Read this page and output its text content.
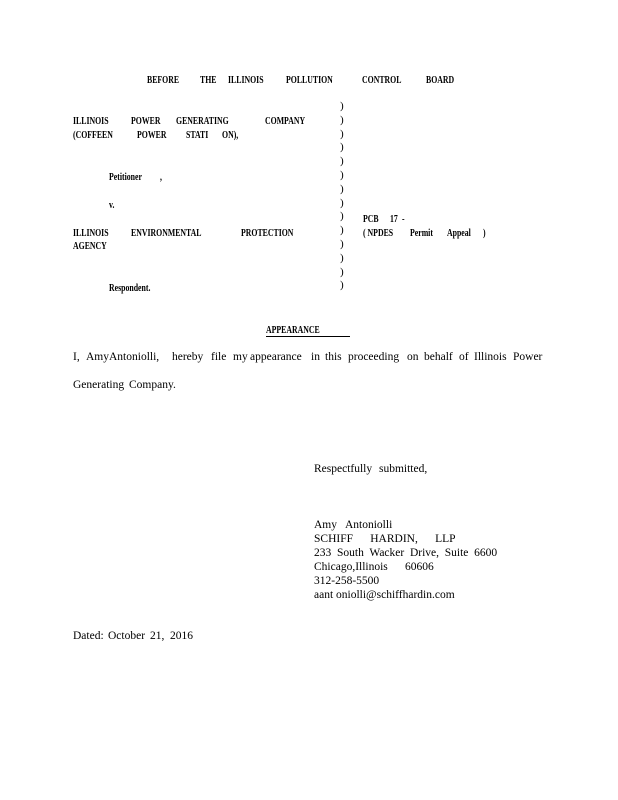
BEFORE THE ILLINOIS POLLUTION	CONTROL BOARD
ILLINOIS POWER GENERATING	COMPANY
(COFFEEN POWER STATI ON),
Petitioner ,
v.
ILLINOIS ENVIRONMENTAL	PROTECTION
AGENCY
Respondent.
PCB 17 -
( NPDES Permit Appeal )
)
)
)
)
)
)
)
)
)
)
)
)
)
)
APPEARANCE
I, Amy Antoniolli, hereby file my appearance in this proceeding on behalf of Illinois Power
Generating Company.
Respectfully submitted,
Amy   Antoniolli
SCHIFF      HARDIN,      LLP
233  South  Wacker  Drive,  Suite  6600
Chicago,Illinois      60606
312-258-5500
aant oniolli@schiffhardin.com
Dated: October 21, 2016
